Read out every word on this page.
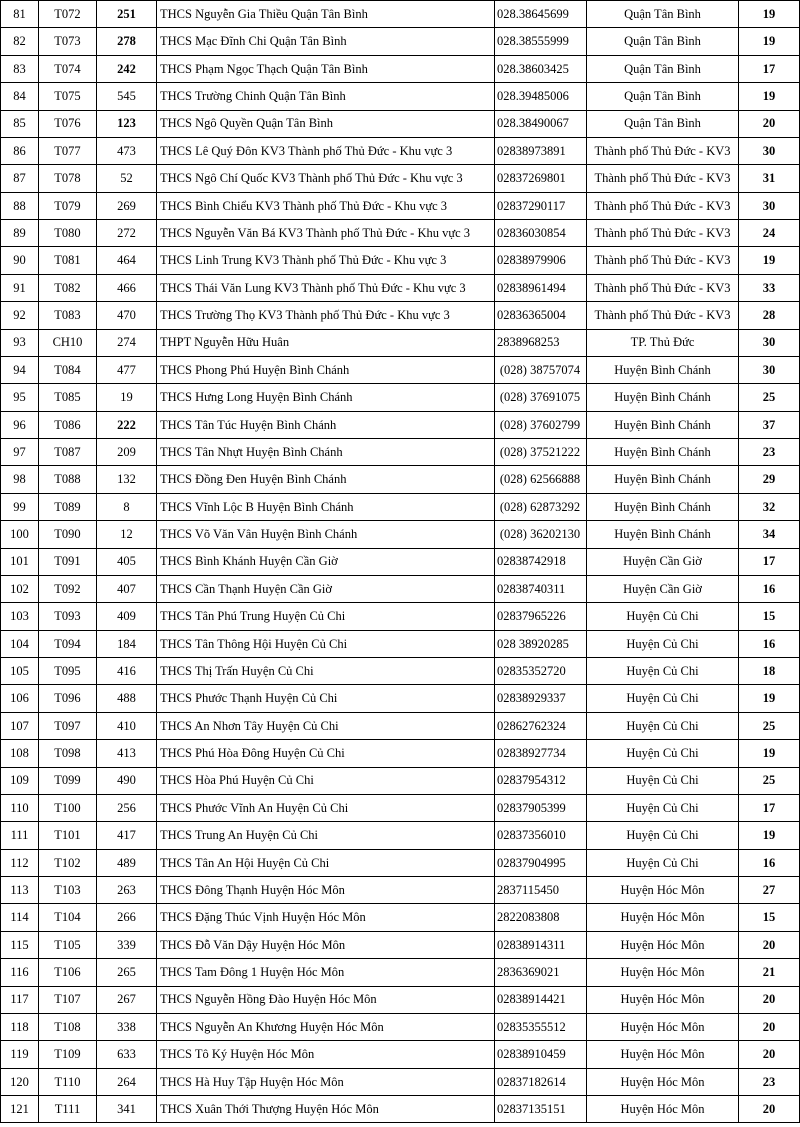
81	T072	251	THCS Nguyễn Gia Thiều Quận Tân Bình	028.38645699	Quận Tân Bình	19
82	T073	278	THCS Mạc Đĩnh Chi Quận Tân Bình	028.38555999	Quận Tân Bình	19
83	T074	242	THCS Phạm Ngọc Thạch Quận Tân Bình	028.38603425	Quận Tân Bình	17
84	T075	545	THCS Trường Chinh Quận Tân Bình	028.39485006	Quận Tân Bình	19
85	T076	123	THCS Ngô Quyền Quận Tân Bình	028.38490067	Quận Tân Bình	20
86	T077	473	THCS Lê Quý Đôn KV3 Thành phố Thủ Đức - Khu vực 3	02838973891	Thành phố Thủ Đức - KV3	30
87	T078	52	THCS Ngô Chí Quốc KV3 Thành phố Thủ Đức - Khu vực 3	02837269801	Thành phố Thủ Đức - KV3	31
88	T079	269	THCS Bình Chiểu KV3 Thành phố Thủ Đức - Khu vực 3	02837290117	Thành phố Thủ Đức - KV3	30
89	T080	272	THCS Nguyễn Văn Bá KV3 Thành phố Thủ Đức - Khu vực 3	02836030854	Thành phố Thủ Đức - KV3	24
90	T081	464	THCS Linh Trung KV3 Thành phố Thủ Đức - Khu vực 3	02838979906	Thành phố Thủ Đức - KV3	19
91	T082	466	THCS Thái Văn Lung KV3 Thành phố Thủ Đức - Khu vực 3	02838961494	Thành phố Thủ Đức - KV3	33
92	T083	470	THCS Trường Thọ KV3 Thành phố Thủ Đức - Khu vực 3	02836365004	Thành phố Thủ Đức - KV3	28
93	CH10	274	THPT Nguyễn Hữu Huân	2838968253	TP. Thủ Đức	30
94	T084	477	THCS Phong Phú Huyện Bình Chánh	(028) 38757074	Huyện Bình Chánh	30
95	T085	19	THCS Hưng Long Huyện Bình Chánh	(028) 37691075	Huyện Bình Chánh	25
96	T086	222	THCS Tân Túc Huyện Bình Chánh	(028) 37602799	Huyện Bình Chánh	37
97	T087	209	THCS Tân Nhựt Huyện Bình Chánh	(028) 37521222	Huyện Bình Chánh	23
98	T088	132	THCS Đồng Đen Huyện Bình Chánh	(028) 62566888	Huyện Bình Chánh	29
99	T089	8	THCS Vĩnh Lộc B Huyện Bình Chánh	(028) 62873292	Huyện Bình Chánh	32
100	T090	12	THCS Võ Văn Vân Huyện Bình Chánh	(028) 36202130	Huyện Bình Chánh	34
101	T091	405	THCS Bình Khánh Huyện Cần Giờ	02838742918	Huyện Cần Giờ	17
102	T092	407	THCS Cần Thạnh Huyện Cần Giờ	02838740311	Huyện Cần Giờ	16
103	T093	409	THCS Tân Phú Trung Huyện Củ Chi	02837965226	Huyện Củ Chi	15
104	T094	184	THCS Tân Thông Hội Huyện Củ Chi	028 38920285	Huyện Củ Chi	16
105	T095	416	THCS Thị Trấn Huyện Củ Chi	02835352720	Huyện Củ Chi	18
106	T096	488	THCS Phước Thạnh Huyện Củ Chi	02838929337	Huyện Củ Chi	19
107	T097	410	THCS An Nhơn Tây Huyện Củ Chi	02862762324	Huyện Củ Chi	25
108	T098	413	THCS Phú Hòa Đông Huyện Củ Chi	02838927734	Huyện Củ Chi	19
109	T099	490	THCS Hòa Phú Huyện Củ Chi	02837954312	Huyện Củ Chi	25
110	T100	256	THCS Phước Vĩnh An Huyện Củ Chi	02837905399	Huyện Củ Chi	17
111	T101	417	THCS Trung An Huyện Củ Chi	02837356010	Huyện Củ Chi	19
112	T102	489	THCS Tân An Hội Huyện Củ Chi	02837904995	Huyện Củ Chi	16
113	T103	263	THCS Đông Thạnh Huyện Hóc Môn	2837115450	Huyện Hóc Môn	27
114	T104	266	THCS Đặng Thúc Vịnh Huyện Hóc Môn	2822083808	Huyện Hóc Môn	15
115	T105	339	THCS Đỗ Văn Dậy Huyện Hóc Môn	02838914311	Huyện Hóc Môn	20
116	T106	265	THCS Tam Đông 1 Huyện Hóc Môn	2836369021	Huyện Hóc Môn	21
117	T107	267	THCS Nguyễn Hồng Đào Huyện Hóc Môn	02838914421	Huyện Hóc Môn	20
118	T108	338	THCS Nguyễn An Khương Huyện Hóc Môn	02835355512	Huyện Hóc Môn	20
119	T109	633	THCS Tô Ký Huyện Hóc Môn	02838910459	Huyện Hóc Môn	20
120	T110	264	THCS Hà Huy Tập Huyện Hóc Môn	02837182614	Huyện Hóc Môn	23
121	T111	341	THCS Xuân Thới Thượng Huyện Hóc Môn	02837135151	Huyện Hóc Môn	20
